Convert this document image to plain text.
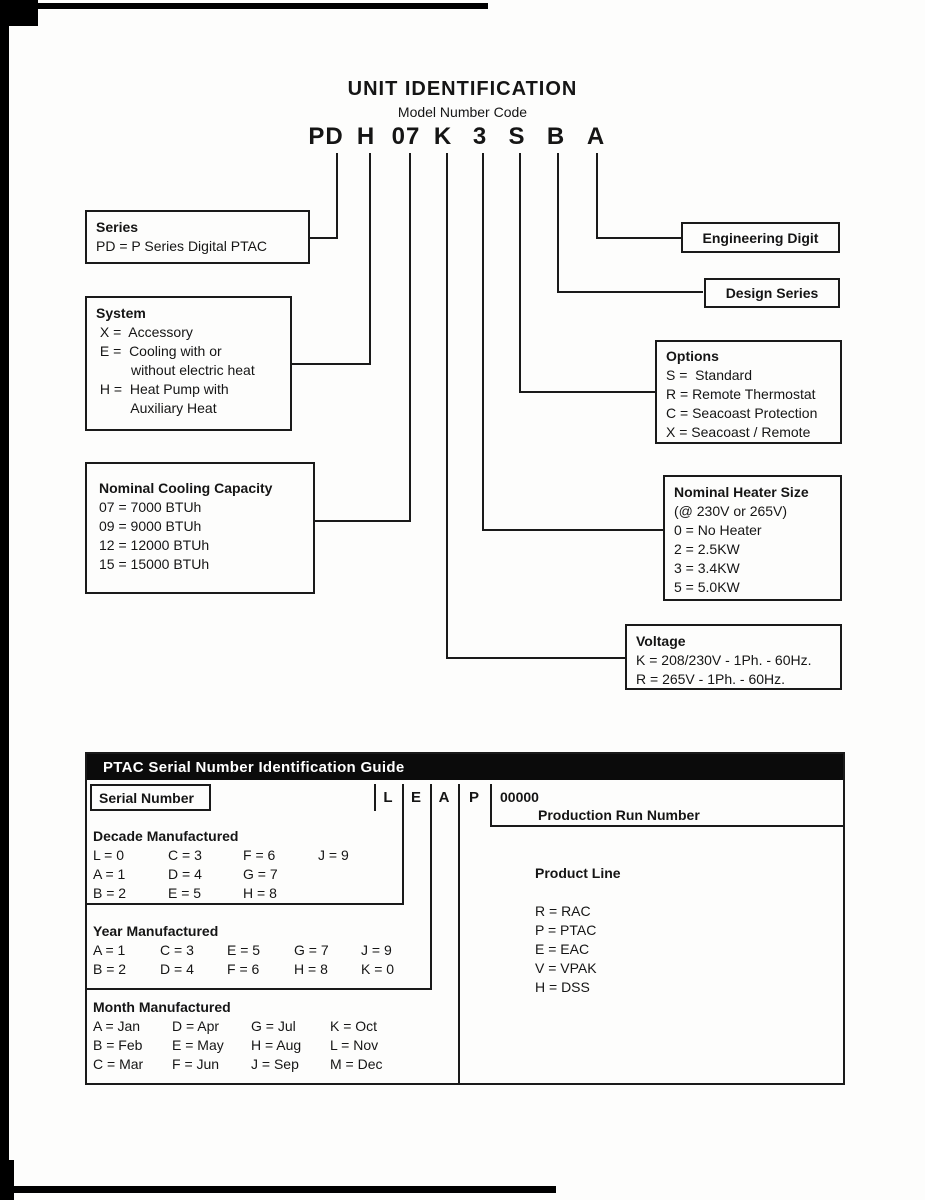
UNIT IDENTIFICATION
Model Number Code
PD H 07 K 3 S B A
Series
PD = P Series Digital PTAC
System
X =  Accessory
E =  Cooling with or
without electric heat
H =  Heat Pump with
Auxiliary Heat
Nominal Cooling Capacity
07 = 7000 BTUh
09 = 9000 BTUh
12 = 12000 BTUh
15 = 15000 BTUh
Engineering Digit
Design Series
Options
S =  Standard
R = Remote Thermostat
C = Seacoast Protection
X = Seacoast / Remote
Nominal Heater Size
(@ 230V or 265V)
0 = No Heater
2 = 2.5KW
3 = 3.4KW
5 = 5.0KW
Voltage
K = 208/230V - 1Ph. - 60Hz.
R = 265V - 1Ph. - 60Hz.
PTAC Serial Number Identification Guide
Serial Number	L E A P 00000
Production Run Number
Decade Manufactured
L = 0	C = 3	F = 6	J = 9
A = 1	D = 4	G = 7
B = 2	E = 5	H = 8
Year Manufactured
A = 1 C = 3 E = 5 G = 7 J = 9
B = 2 D = 4 F = 6 H = 8 K = 0
Month Manufactured
A = Jan D = Apr G = Jul K = Oct
B = Feb E = May H = Aug L = Nov
C = Mar F = Jun J = Sep M = Dec
Product Line
R = RAC
P = PTAC
E = EAC
V = VPAK
H = DSS
